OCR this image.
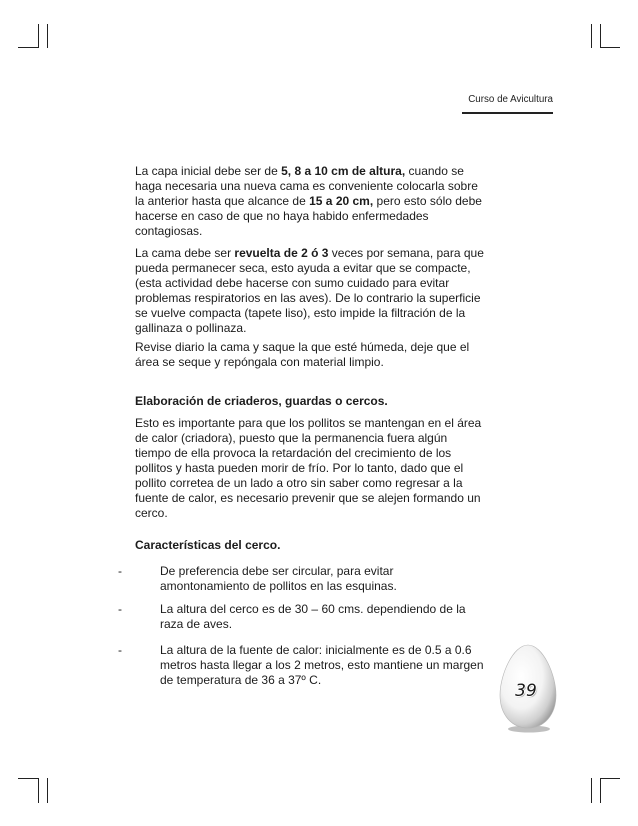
Curso de Avicultura
La capa inicial debe ser de 5, 8 a 10 cm de altura, cuando se
haga necesaria una nueva cama es conveniente colocarla sobre
la anterior hasta que alcance de 15 a 20 cm, pero esto sólo debe
hacerse en caso de que no haya habido enfermedades
contagiosas.
La cama debe ser revuelta de 2 ó 3 veces por semana, para que
pueda permanecer seca, esto ayuda a evitar que se compacte,
(esta actividad debe hacerse con sumo cuidado para evitar
problemas respiratorios en las aves). De lo contrario la superficie
se vuelve compacta (tapete liso), esto impide la filtración de la
gallinaza o pollinaza.
Revise diario la cama y saque la que esté húmeda, deje que el
área se seque y repóngala con material limpio.
Elaboración de criaderos, guardas o cercos.
Esto es importante para que los pollitos se mantengan en el área
de calor (criadora), puesto que la permanencia fuera algún
tiempo de ella provoca la retardación del crecimiento de los
pollitos y hasta pueden morir de frío. Por lo tanto, dado que el
pollito corretea de un lado a otro sin saber como regresar a la
fuente de calor, es necesario prevenir que se alejen formando un
cerco.
Características del cerco.
-	De preferencia debe ser circular, para evitar
amontonamiento de pollitos en las esquinas.
-	La altura del cerco es de 30 – 60 cms. dependiendo de la
raza de aves.
-	La altura de la fuente de calor: inicialmente es de 0.5 a 0.6
metros hasta llegar a los 2 metros, esto mantiene un margen
de temperatura de 36 a 37º C.
39
